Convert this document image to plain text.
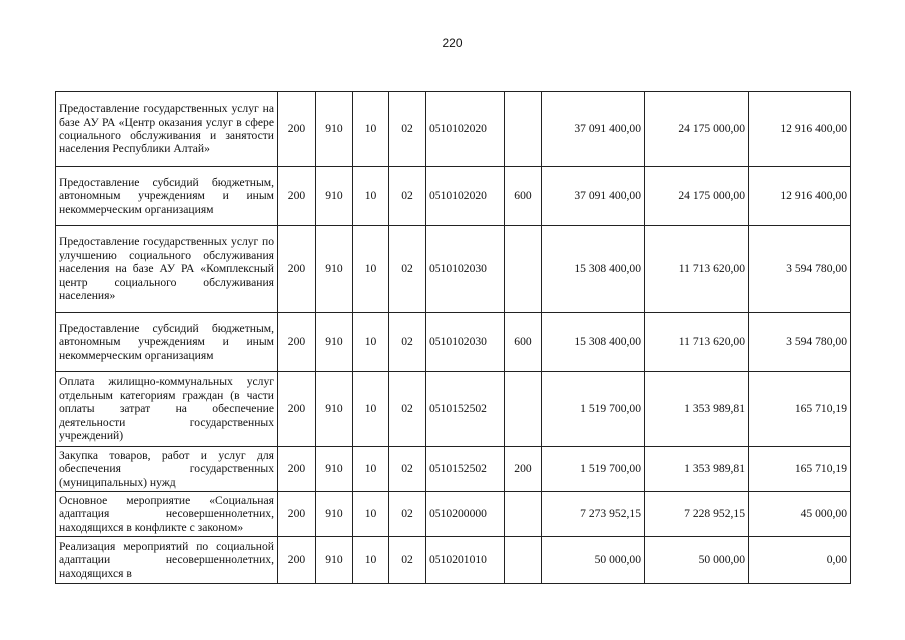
220
Предоставление государственных услуг на базе АУ РА «Центр оказания услуг в сфере социального обслуживания и занятости населения Республики Алтай»	200	910	10	02	0510102020		37 091 400,00	24 175 000,00	12 916 400,00
Предоставление субсидий бюджетным, автономным учреждениям и иным некоммерческим организациям	200	910	10	02	0510102020	600	37 091 400,00	24 175 000,00	12 916 400,00
Предоставление государственных услуг по улучшению социального обслуживания населения на базе АУ РА «Комплексный центр социального обслуживания населения»	200	910	10	02	0510102030		15 308 400,00	11 713 620,00	3 594 780,00
Предоставление субсидий бюджетным, автономным учреждениям и иным некоммерческим организациям	200	910	10	02	0510102030	600	15 308 400,00	11 713 620,00	3 594 780,00
Оплата жилищно-коммунальных услуг отдельным категориям граждан (в части оплаты затрат на обеспечение деятельности государственных учреждений)	200	910	10	02	0510152502		1 519 700,00	1 353 989,81	165 710,19
Закупка товаров, работ и услуг для обеспечения государственных (муниципальных) нужд	200	910	10	02	0510152502	200	1 519 700,00	1 353 989,81	165 710,19
Основное мероприятие «Социальная адаптация несовершеннолетних, находящихся в конфликте с законом»	200	910	10	02	0510200000		7 273 952,15	7 228 952,15	45 000,00
Реализация мероприятий по социальной адаптации несовершеннолетних, находящихся в	200	910	10	02	0510201010		50 000,00	50 000,00	0,00
